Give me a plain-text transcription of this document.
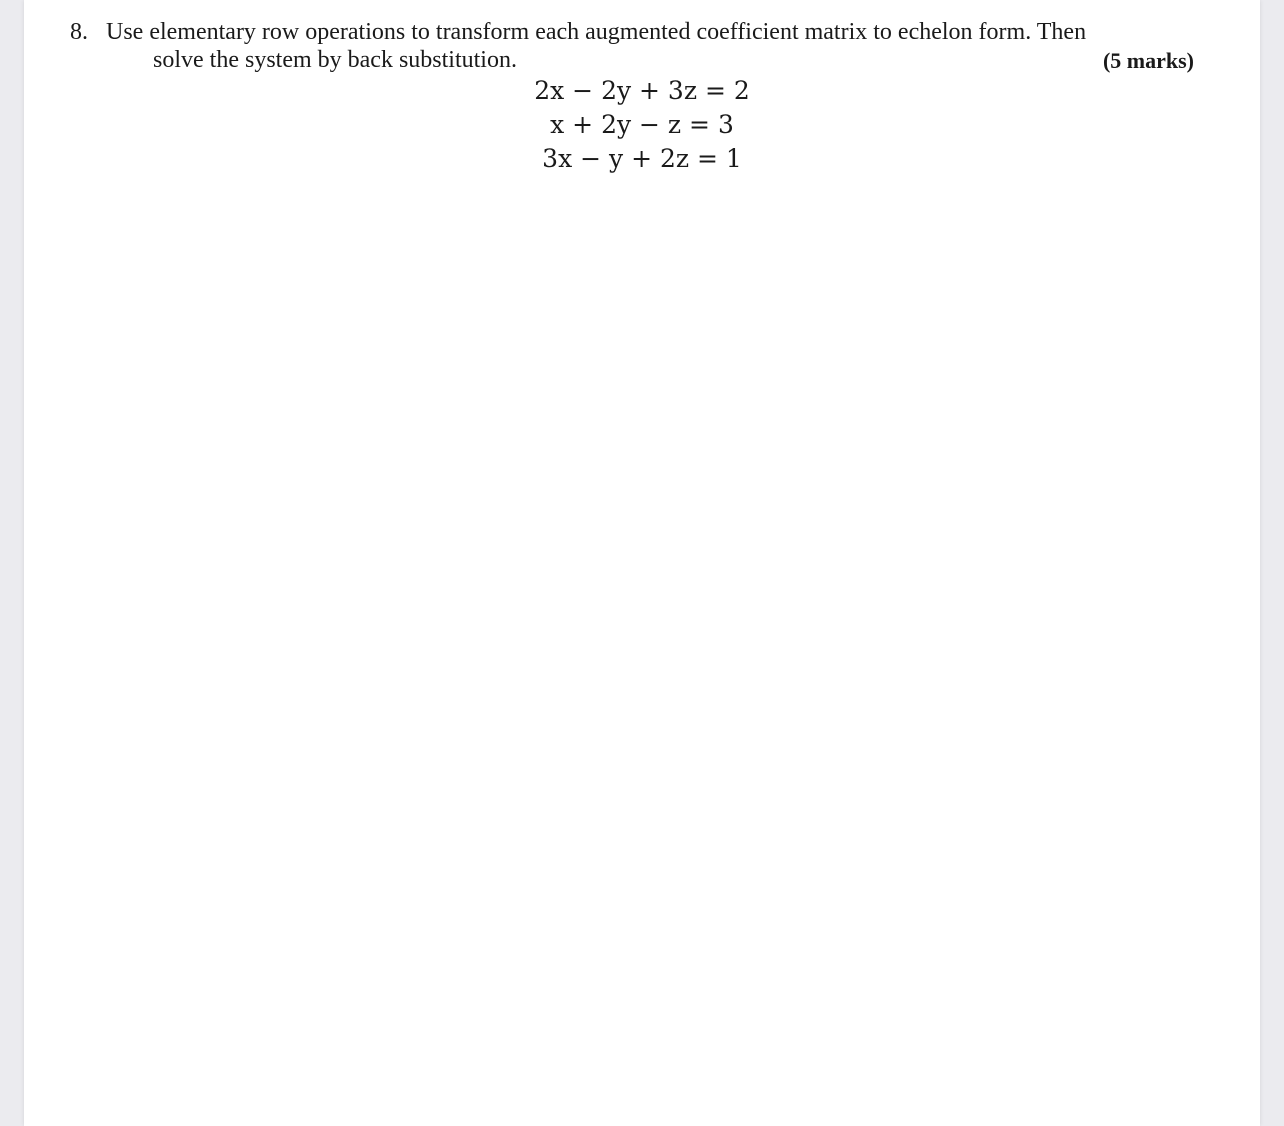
8. Use elementary row operations to transform each augmented coefficient matrix to echelon form. Then
solve the system by back substitution.	(5 marks)
2x − 2y + 3z = 2
x + 2y − z = 3
3x − y + 2z = 1
